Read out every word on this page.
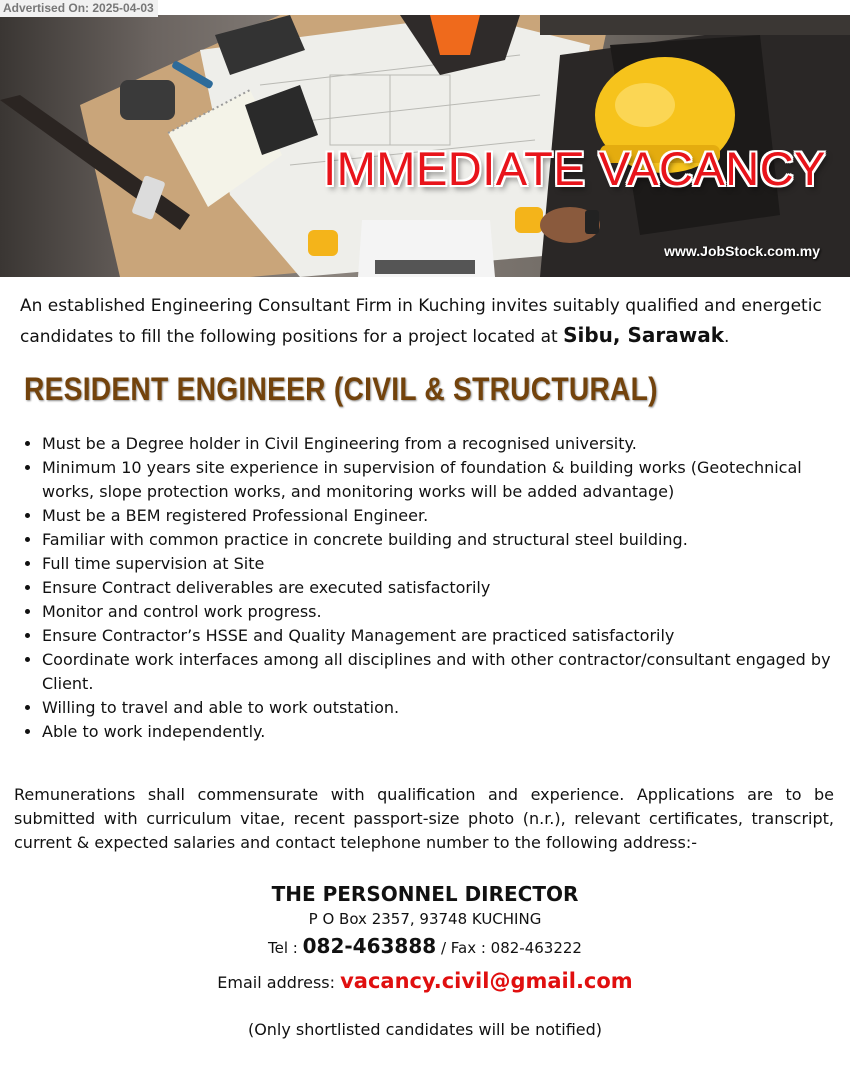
Advertised On: 2025-04-03
IMMEDIATE VACANCY
www.JobStock.com.my

An established Engineering Consultant Firm in Kuching invites suitably qualified and energetic candidates to fill the following positions for a project located at Sibu, Sarawak.

RESIDENT ENGINEER (CIVIL & STRUCTURAL)
• Must be a Degree holder in Civil Engineering from a recognised university.
• Minimum 10 years site experience in supervision of foundation & building works (Geotechnical works, slope protection works, and monitoring works will be added advantage)
• Must be a BEM registered Professional Engineer.
• Familiar with common practice in concrete building and structural steel building.
• Full time supervision at Site
• Ensure Contract deliverables are executed satisfactorily
• Monitor and control work progress.
• Ensure Contractor’s HSSE and Quality Management are practiced satisfactorily
• Coordinate work interfaces among all disciplines and with other contractor/consultant engaged by Client.
• Willing to travel and able to work outstation.
• Able to work independently.

Remunerations shall commensurate with qualification and experience. Applications are to be submitted with curriculum vitae, recent passport-size photo (n.r.), relevant certificates, transcript, current & expected salaries and contact telephone number to the following address:-

THE PERSONNEL DIRECTOR

P O Box 2357, 93748 KUCHING

Tel : 082-463888 / Fax : 082-463222

Email address: vacancy.civil@gmail.com

(Only shortlisted candidates will be notified)
